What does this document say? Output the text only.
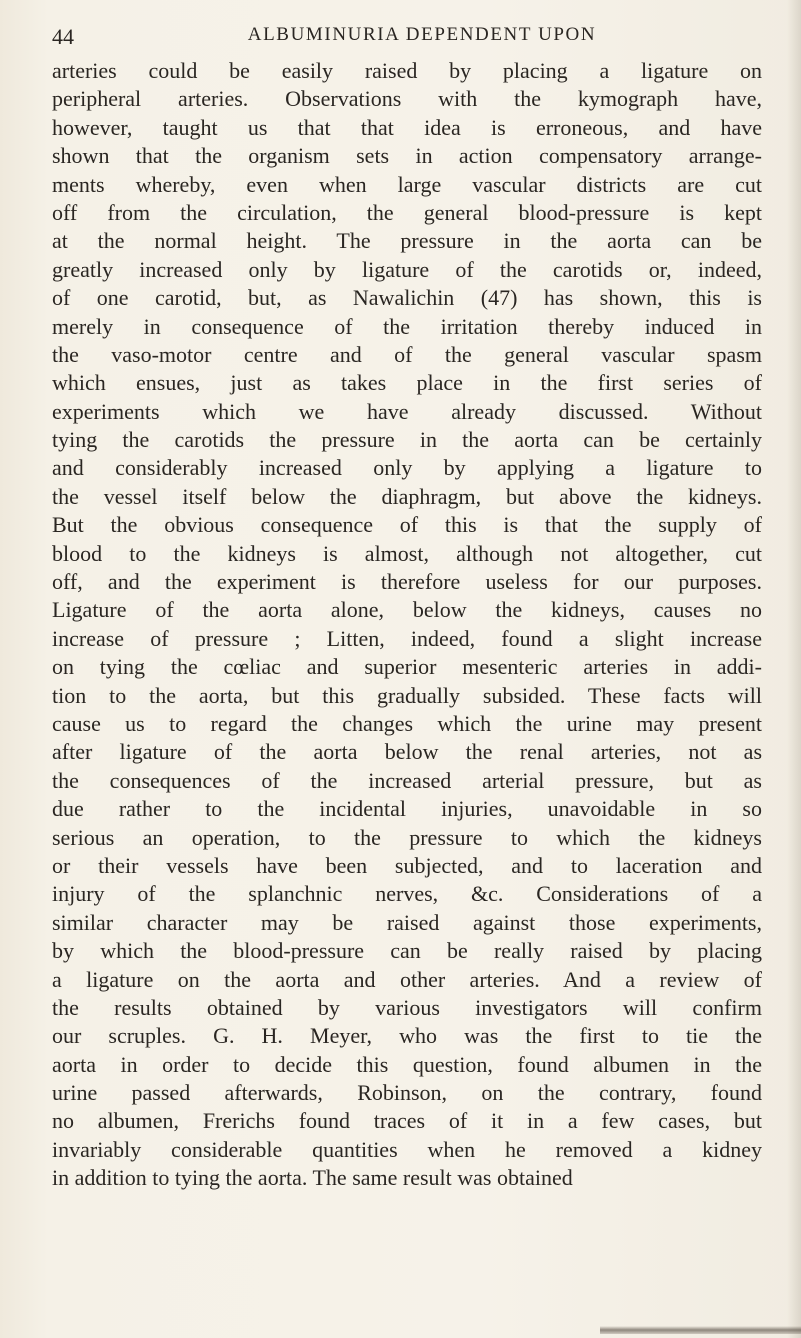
44	ALBUMINURIA DEPENDENT UPON
arteries could be easily raised by placing a ligature on
peripheral arteries. Observations with the kymograph have,
however, taught us that that idea is erroneous, and have
shown that the organism sets in action compensatory arrange-
ments whereby, even when large vascular districts are cut
off from the circulation, the general blood-pressure is kept
at the normal height. The pressure in the aorta can be
greatly increased only by ligature of the carotids or, indeed,
of one carotid, but, as Nawalichin (47) has shown, this is
merely in consequence of the irritation thereby induced in
the vaso-motor centre and of the general vascular spasm
which ensues, just as takes place in the first series of
experiments which we have already discussed. Without
tying the carotids the pressure in the aorta can be certainly
and considerably increased only by applying a ligature to
the vessel itself below the diaphragm, but above the kidneys.
But the obvious consequence of this is that the supply of
blood to the kidneys is almost, although not altogether, cut
off, and the experiment is therefore useless for our purposes.
Ligature of the aorta alone, below the kidneys, causes no
increase of pressure ; Litten, indeed, found a slight increase
on tying the cœliac and superior mesenteric arteries in addi-
tion to the aorta, but this gradually subsided. These facts will
cause us to regard the changes which the urine may present
after ligature of the aorta below the renal arteries, not as
the consequences of the increased arterial pressure, but as
due rather to the incidental injuries, unavoidable in so
serious an operation, to the pressure to which the kidneys
or their vessels have been subjected, and to laceration and
injury of the splanchnic nerves, &c. Considerations of a
similar character may be raised against those experiments,
by which the blood-pressure can be really raised by placing
a ligature on the aorta and other arteries. And a review of
the results obtained by various investigators will confirm
our scruples. G. H. Meyer, who was the first to tie the
aorta in order to decide this question, found albumen in the
urine passed afterwards, Robinson, on the contrary, found
no albumen, Frerichs found traces of it in a few cases, but
invariably considerable quantities when he removed a kidney
in addition to tying the aorta. The same result was obtained
